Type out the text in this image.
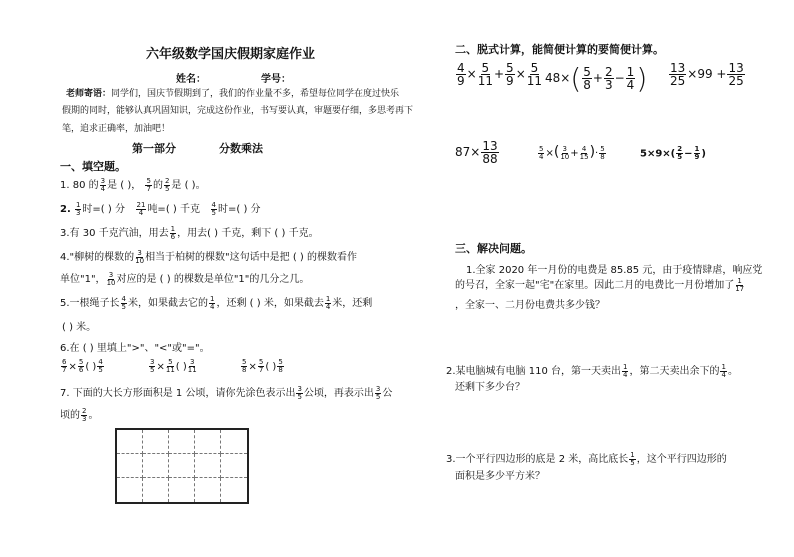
六年级数学国庆假期家庭作业
姓名：	学号：
老师寄语：同学们，国庆节假期到了，我们的作业量不多，希望每位同学在度过快乐
假期的同时，能够认真巩固知识，完成这份作业，书写要认真，审题要仔细，多思考再下
笔，追求正确率，加油吧！
第一部分	分数乘法
一、填空题。
1. 80 的 $\frac{3}{4}$ 是 ( )， $\frac{5}{7}$ 的 $\frac{2}{5}$ 是 ( )。
2. $\frac{1}{3}$ 时=( ) 分 $\frac{21}{4}$ 吨=( ) 千克 $\frac{4}{5}$ 时=( ) 分
3.有 30 千克汽油，用去 $\frac{1}{6}$ ，用去( ) 千克，剩下 ( ) 千克。
4."柳树的棵数的 $\frac{3}{10}$ 相当于柏树的棵数"这句话中是把 ( ) 的棵数看作
单位"1"， $\frac{3}{10}$ 对应的是 ( ) 的棵数是单位"1"的几分之几。
5.一根绳子长 $\frac{4}{5}$ 米，如果截去它的 $\frac{1}{4}$ ，还剩 ( ) 米，如果截去 $\frac{1}{4}$ 米，还剩
( ) 米。
6.在 ( ) 里填上">"、"<"或"="。
$\frac{6}{7} \times \frac{5}{6}$ ( ) $\frac{4}{5}$	$\frac{3}{5} \times \frac{5}{11}$ ( ) $\frac{3}{11}$	$\frac{5}{8} \times \frac{5}{7}$ ( ) $\frac{5}{8}$
7. 下面的大长方形面积是 1 公顷，请你先涂色表示出 $\frac{3}{5}$ 公顷，再表示出 $\frac{3}{5}$ 公
顷的 $\frac{2}{3}$ 。
二、脱式计算，能简便计算的要简便计算。
$\frac{4}{9} \times \frac{5}{11} + \frac{5}{9} \times \frac{5}{11} 48\times( \frac{5}{8} + \frac{2}{3} - \frac{1}{4}$ ) $\frac{13}{25} \times 99 + \frac{13}{25}$
$87\times \frac{13}{88}$	$\frac{5}{4}$ ×( $\frac{3}{10} + \frac{4}{15}$ )· $\frac{5}{8}$	$5\times 9\times( \frac{2}{5} - \frac{1}{9}$ )
三、解决问题。
1.全家 2020 年一月份的电费是 85.85 元，由于疫情肆虐，响应党
的号召，全家一起"宅"在家里。因此二月的电费比一月份增加了 $\frac{1}{17}$
，全家一、二月份电费共多少钱？
2.某电脑城有电脑 110 台，第一天卖出 $\frac{1}{4}$ ，第二天卖出余下的 $\frac{1}{4}$ 。
还剩下多少台？
3.一个平行四边形的底是 2 米，高比底长 $\frac{1}{5}$ ，这个平行四边形的
面积是多少平方米？
